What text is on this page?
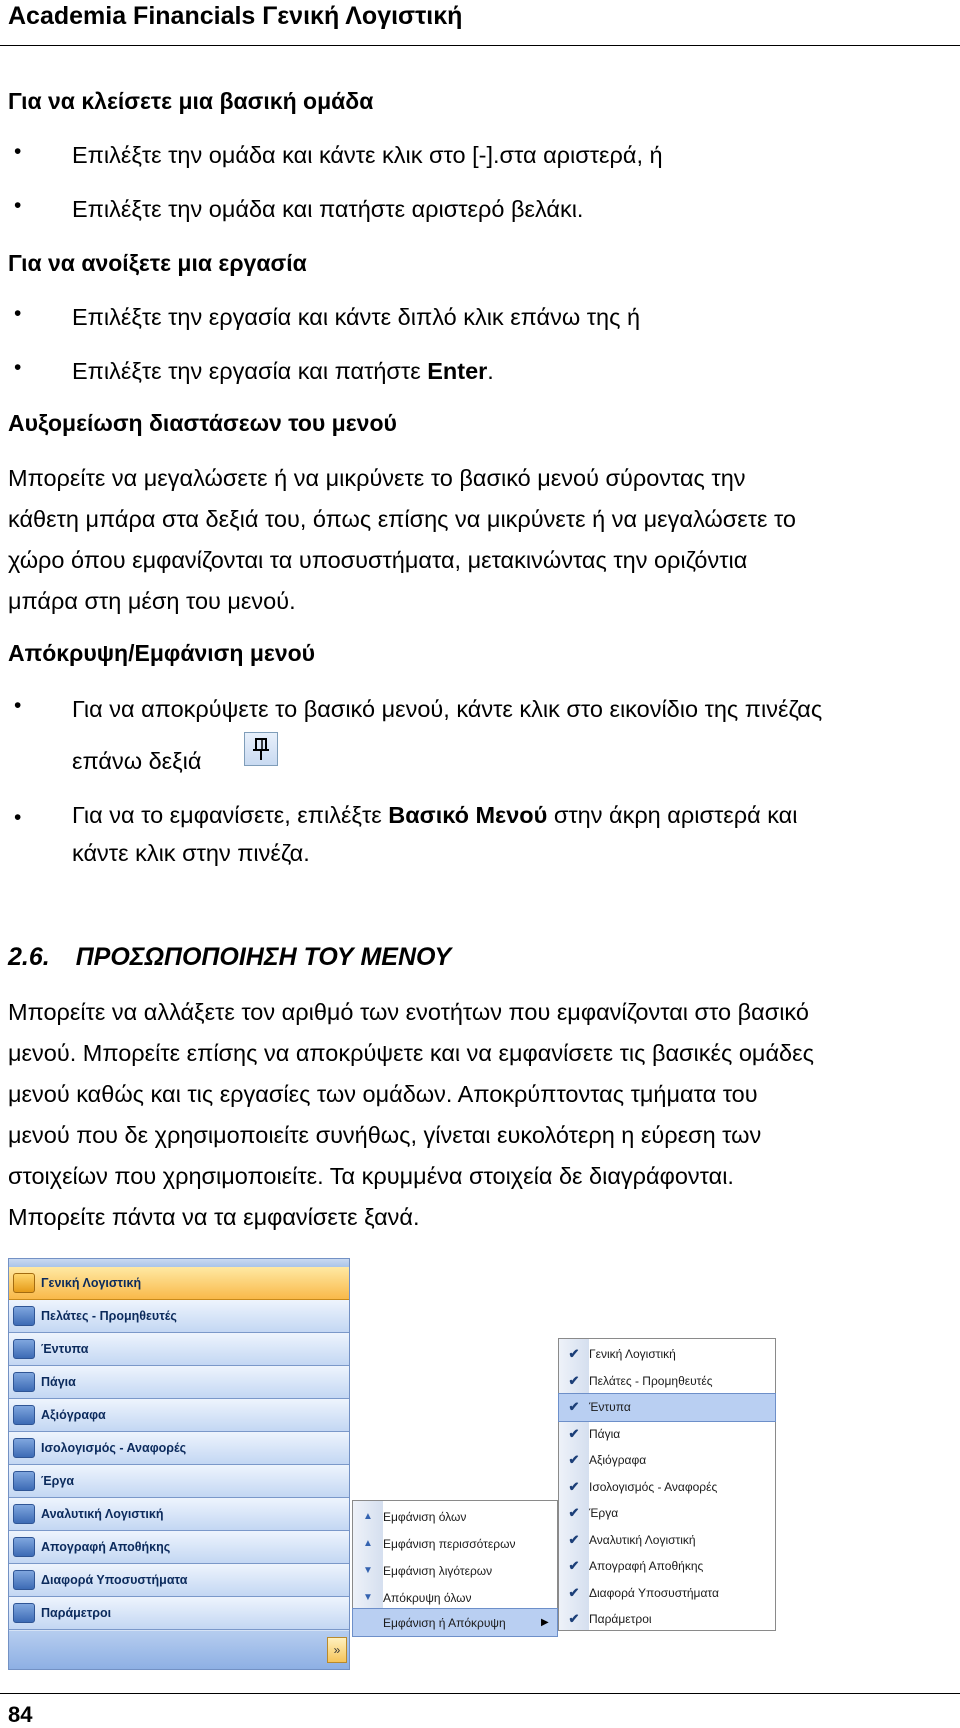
Academia Financials Γενική Λογιστική
Για να κλείσετε μια βασική ομάδα
• Επιλέξτε την ομάδα και κάντε κλικ στο [-].στα αριστερά, ή
• Επιλέξτε την ομάδα και πατήστε αριστερό βελάκι.
Για να ανοίξετε μια εργασία
• Επιλέξτε την εργασία και κάντε διπλό κλικ επάνω της ή
• Επιλέξτε την εργασία και πατήστε Enter.
Αυξομείωση διαστάσεων του μενού
Μπορείτε να μεγαλώσετε ή να μικρύνετε το βασικό μενού σύροντας την
κάθετη μπάρα στα δεξιά του, όπως επίσης να μικρύνετε ή να μεγαλώσετε το
χώρο όπου εμφανίζονται τα υποσυστήματα, μετακινώντας την οριζόντια
μπάρα στη μέση του μενού.
Απόκρυψη/Εμφάνιση μενού
• Για να αποκρύψετε το βασικό μενού, κάντε κλικ στο εικονίδιο της πινέζας
επάνω δεξιά
• Για να το εμφανίσετε, επιλέξτε Βασικό Μενού στην άκρη αριστερά και
κάντε κλικ στην πινέζα.
2.6. ΠΡΟΣΩΠΟΠΟΙΗΣΗ ΤΟΥ ΜΕΝΟΥ
Μπορείτε να αλλάξετε τον αριθμό των ενοτήτων που εμφανίζονται στο βασικό
μενού. Μπορείτε επίσης να αποκρύψετε και να εμφανίσετε τις βασικές ομάδες
μενού καθώς και τις εργασίες των ομάδων. Αποκρύπτοντας τμήματα του
μενού που δε χρησιμοποιείτε συνήθως, γίνεται ευκολότερη η εύρεση των
στοιχείων που χρησιμοποιείτε. Τα κρυμμένα στοιχεία δε διαγράφονται.
Μπορείτε πάντα να τα εμφανίσετε ξανά.
Γενική Λογιστική
Πελάτες - Προμηθευτές
Έντυπα
Πάγια
Αξιόγραφα
Ισολογισμός - Αναφορές
Έργα
Αναλυτική Λογιστική
Απογραφή Αποθήκης
Διαφορά Υποσυστήματα
Παράμετροι
»
▲ Εμφάνιση όλων
▲ Εμφάνιση περισσότερων
▼ Εμφάνιση λιγότερων
▼ Απόκρυψη όλων
Εμφάνιση ή Απόκρυψη	▶
✔ Γενική Λογιστική
✔ Πελάτες - Προμηθευτές
✔ Έντυπα
✔ Πάγια
✔ Αξιόγραφα
✔ Ισολογισμός - Αναφορές
✔ Έργα
✔ Αναλυτική Λογιστική
✔ Απογραφή Αποθήκης
✔ Διαφορά Υποσυστήματα
✔ Παράμετροι
84
